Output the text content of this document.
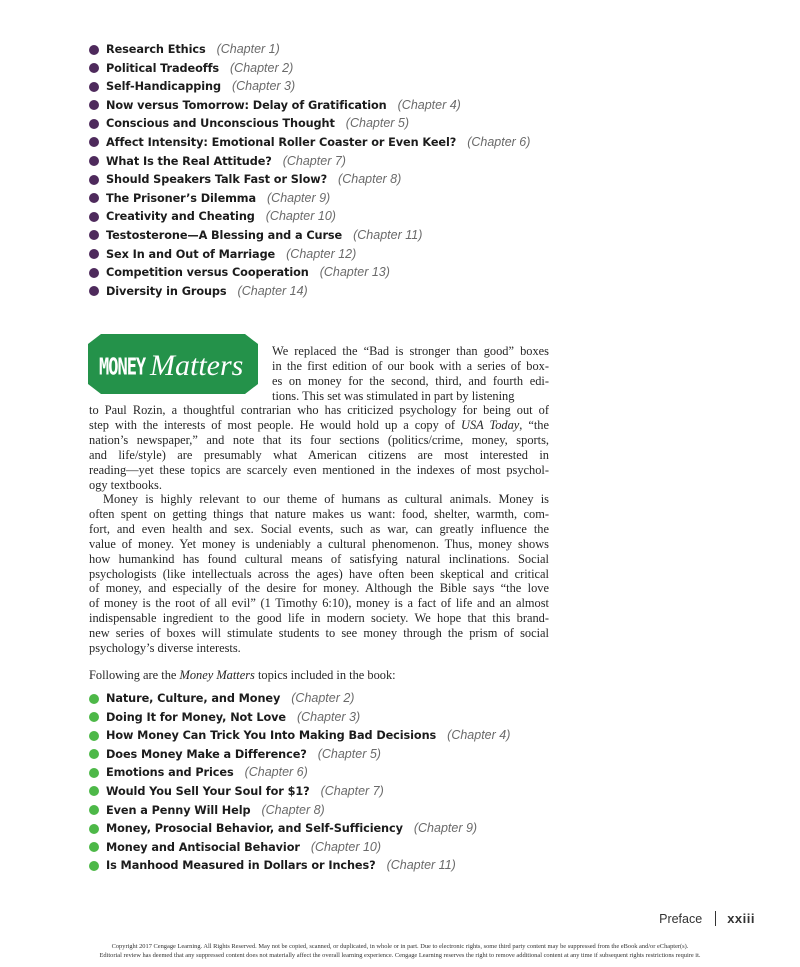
Research Ethics (Chapter 1)
Political Tradeoffs (Chapter 2)
Self-Handicapping (Chapter 3)
Now versus Tomorrow: Delay of Gratification (Chapter 4)
Conscious and Unconscious Thought (Chapter 5)
Affect Intensity: Emotional Roller Coaster or Even Keel? (Chapter 6)
What Is the Real Attitude? (Chapter 7)
Should Speakers Talk Fast or Slow? (Chapter 8)
The Prisoner’s Dilemma (Chapter 9)
Creativity and Cheating (Chapter 10)
Testosterone—A Blessing and a Curse (Chapter 11)
Sex In and Out of Marriage (Chapter 12)
Competition versus Cooperation (Chapter 13)
Diversity in Groups (Chapter 14)
MONEY Matters We replaced the “Bad is stronger than good” boxes
in the first edition of our book with a series of box-
es on money for the second, third, and fourth edi-
tions. This set was stimulated in part by listening

to Paul Rozin, a thoughtful contrarian who has criticized psychology for being out of
step with the interests of most people. He would hold up a copy of USA Today, “the
nation’s newspaper,” and note that its four sections (politics/crime, money, sports,
and life/style) are presumably what American citizens are most interested in
reading—yet these topics are scarcely even mentioned in the indexes of most psychol-
ogy textbooks.

Money is highly relevant to our theme of humans as cultural animals. Money is
often spent on getting things that nature makes us want: food, shelter, warmth, com-
fort, and even health and sex. Social events, such as war, can greatly influence the
value of money. Yet money is undeniably a cultural phenomenon. Thus, money shows
how humankind has found cultural means of satisfying natural inclinations. Social
psychologists (like intellectuals across the ages) have often been skeptical and critical
of money, and especially of the desire for money. Although the Bible says “the love
of money is the root of all evil” (1 Timothy 6:10), money is a fact of life and an almost
indispensable ingredient to the good life in modern society. We hope that this brand-
new series of boxes will stimulate students to see money through the prism of social
psychology’s diverse interests.

Following are the Money Matters topics included in the book:
Nature, Culture, and Money (Chapter 2)
Doing It for Money, Not Love (Chapter 3)
How Money Can Trick You Into Making Bad Decisions (Chapter 4)
Does Money Make a Difference? (Chapter 5)
Emotions and Prices (Chapter 6)
Would You Sell Your Soul for $1? (Chapter 7)
Even a Penny Will Help (Chapter 8)
Money, Prosocial Behavior, and Self-Sufficiency (Chapter 9)
Money and Antisocial Behavior (Chapter 10)
Is Manhood Measured in Dollars or Inches? (Chapter 11)
Preface xxiii
Copyright 2017 Cengage Learning. All Rights Reserved. May not be copied, scanned, or duplicated, in whole or in part. Due to electronic rights, some third party content may be suppressed from the eBook and/or eChapter(s).
Editorial review has deemed that any suppressed content does not materially affect the overall learning experience. Cengage Learning reserves the right to remove additional content at any time if subsequent rights restrictions require it.
